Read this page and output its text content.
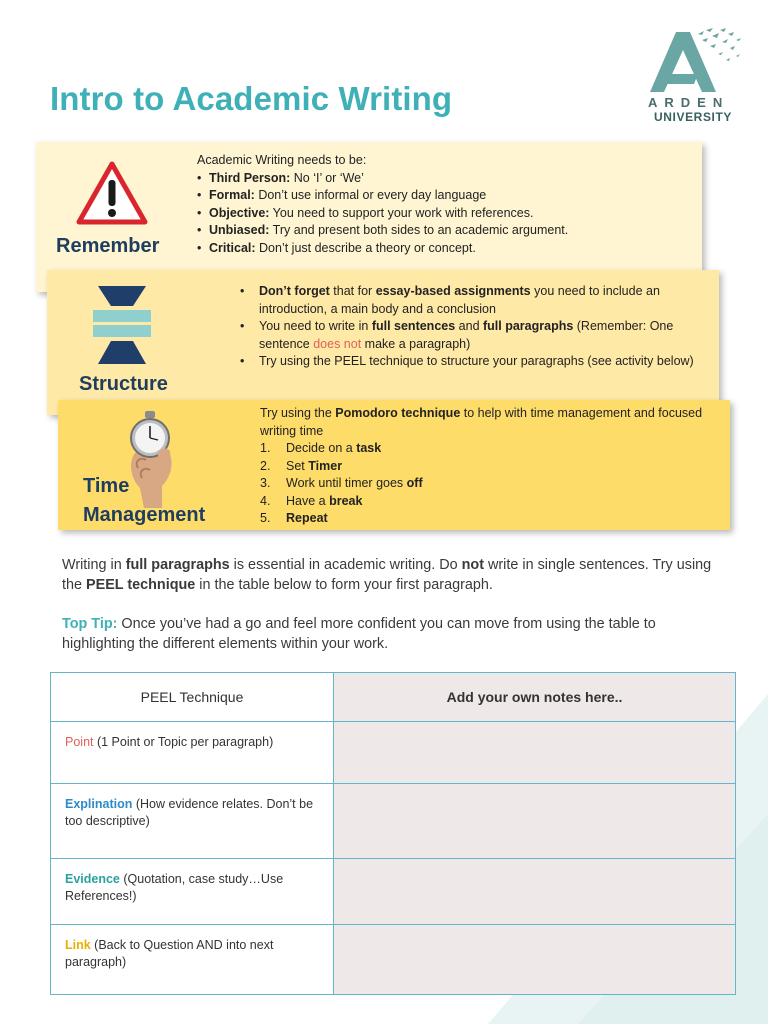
Intro to Academic Writing	ARDEN
UNIVERSITY
Remember
Academic Writing needs to be:
• Third Person: No ‘I’ or ‘We’
• Formal: Don’t use informal or every day language
• Objective: You need to support your work with references.
• Unbiased: Try and present both sides to an academic argument.
• Critical: Don’t just describe a theory or concept.
Structure
• Don’t forget that for essay-based assignments you need to include an introduction, a main body and a conclusion
• You need to write in full sentences and full paragraphs (Remember: One sentence does not make a paragraph)
• Try using the PEEL technique to structure your paragraphs (see activity below)
Time
Management
Try using the Pomodoro technique to help with time management and focused writing time
1. Decide on a task
2. Set Timer
3. Work until timer goes off
4. Have a break
5. Repeat

Writing in full paragraphs is essential in academic writing. Do not write in single sentences. Try using the PEEL technique in the table below to form your first paragraph.

Top Tip: Once you’ve had a go and feel more confident you can move from using the table to highlighting the different elements within your work.

PEEL Technique	Add your own notes here..
Point (1 Point or Topic per paragraph)	
Explination (How evidence relates. Don’t be too descriptive)	
Evidence (Quotation, case study…Use References!)	
Link (Back to Question AND into next paragraph)	
